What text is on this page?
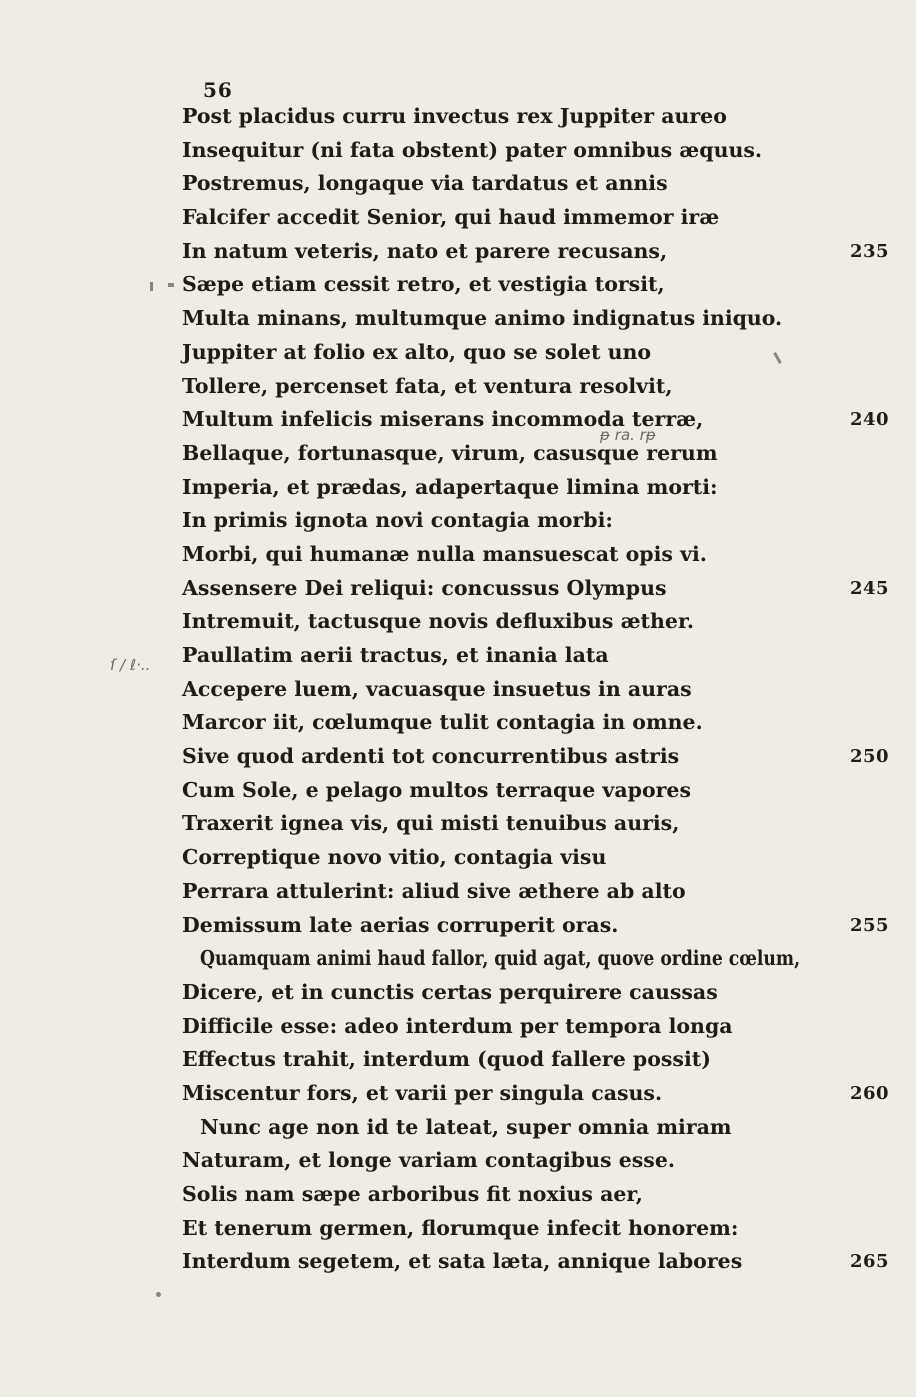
56
Post placidus curru invectus rex Juppiter aureo
Insequitur (ni fata obstent) pater omnibus æquus.
Postremus, longaque via tardatus et annis
Falcifer accedit Senior, qui haud immemor iræ
In natum veteris, nato et parere recusans,	235
Sæpe etiam cessit retro, et vestigia torsit,
Multa minans, multumque animo indignatus iniquo.
Juppiter at folio ex alto, quo se solet uno
Tollere, percenset fata, et ventura resolvit,
Multum infelicis miserans incommoda terræ,	240
Bellaque, fortunasque, virum, casusque rerum
Imperia, et prædas, adapertaque limina morti:
In primis ignota novi contagia morbi:
Morbi, qui humanæ nulla mansuescat opis vi.
Assensere Dei reliqui: concussus Olympus	245
Intremuit, tactusque novis defluxibus æther.
Paullatim aerii tractus, et inania lata
Accepere luem, vacuasque insuetus in auras
Marcor iit, cœlumque tulit contagia in omne.
Sive quod ardenti tot concurrentibus astris	250
Cum Sole, e pelago multos terraque vapores
Traxerit ignea vis, qui misti tenuibus auris,
Correptique novo vitio, contagia visu
Perrara attulerint: aliud sive æthere ab alto
Demissum late aerias corruperit oras.	255
Quamquam animi haud fallor, quid agat, quove ordine cœlum,
Dicere, et in cunctis certas perquirere caussas
Difficile esse: adeo interdum per tempora longa
Effectus trahit, interdum (quod fallere possit)
Miscentur fors, et varii per singula casus.	260
Nunc age non id te lateat, super omnia miram
Naturam, et longe variam contagibus esse.
Solis nam sæpe arboribus fit noxius aer,
Et tenerum germen, florumque infecit honorem:
Interdum segetem, et sata læta, annique labores	265
ᵽ ra. rᵽ
ſ / ℓ·..
